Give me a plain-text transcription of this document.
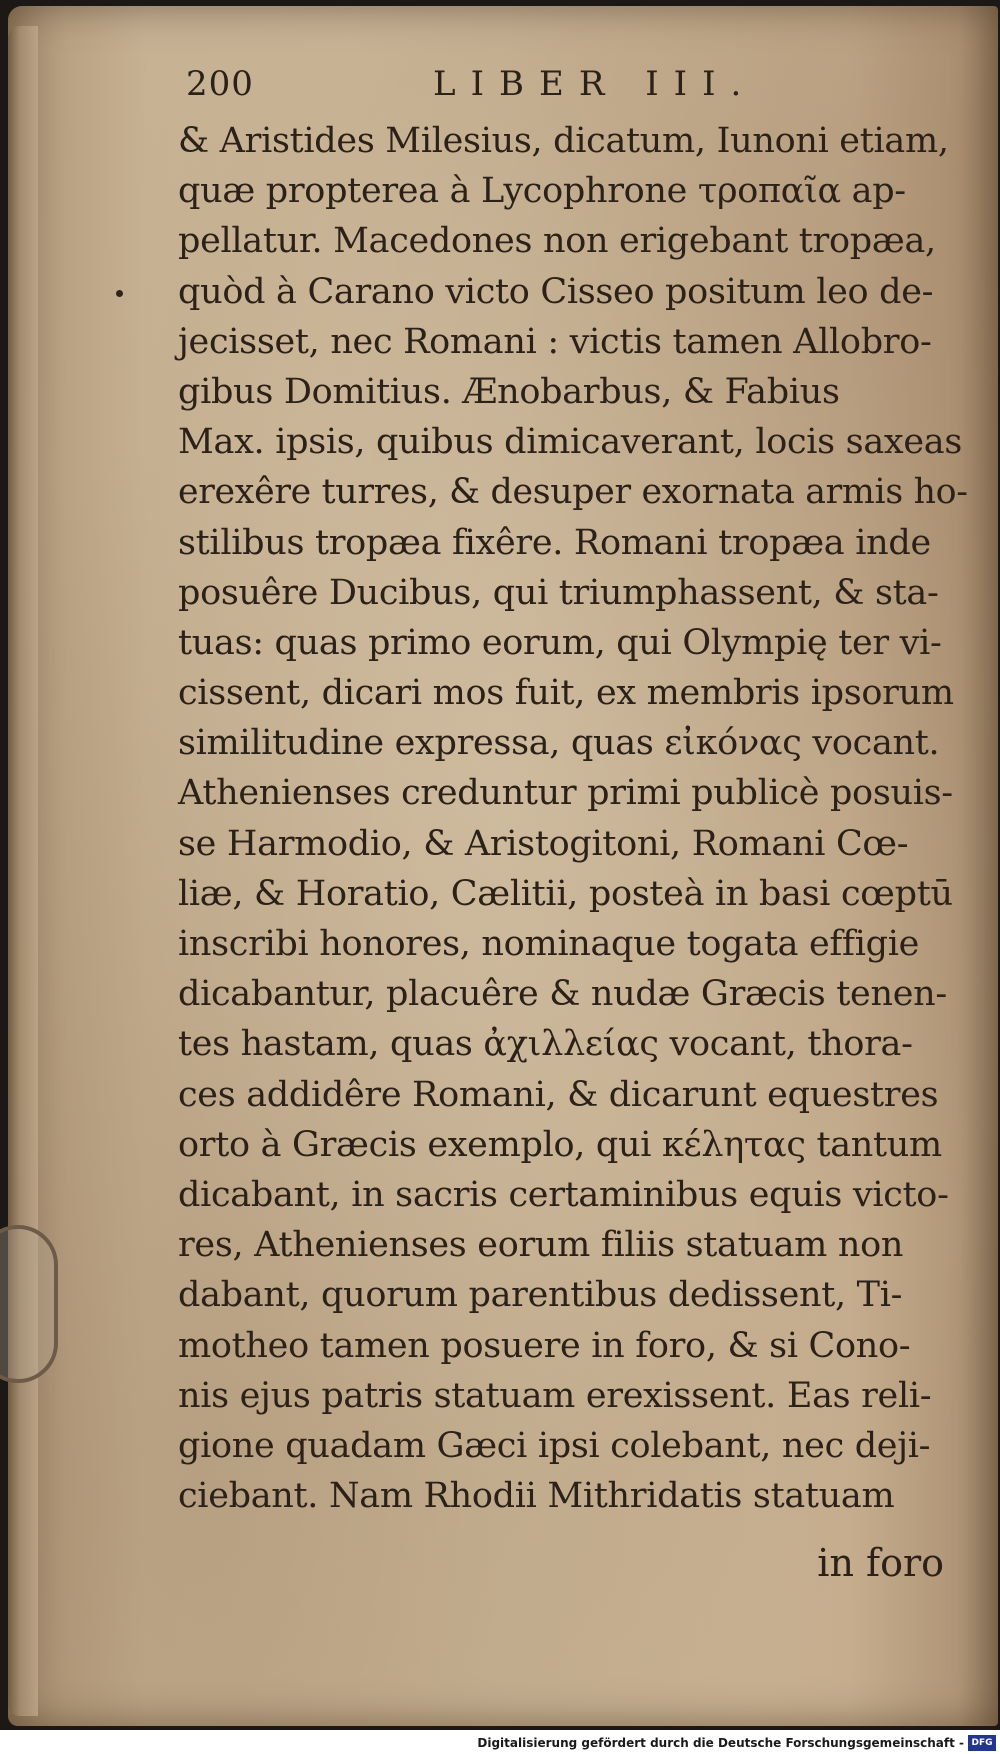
200	LIBER III.
& Aristides Milesius, dicatum, Iunoni etiam,
quæ propterea à Lycophrone τροπαῖα ap-
pellatur. Macedones non erigebant tropæa,
quòd à Carano victo Cisseo positum leo de-
jecisset, nec Romani : victis tamen Allobro-
gibus Domitius. Ænobarbus, & Fabius
Max. ipsis, quibus dimicaverant, locis saxeas
erexêre turres, & desuper exornata armis ho-
stilibus tropæa fixêre. Romani tropæa inde
posuêre Ducibus, qui triumphassent, & sta-
tuas: quas primo eorum, qui Olympię ter vi-
cissent, dicari mos fuit, ex membris ipsorum
similitudine expressa, quas εἰκόνας vocant.
Athenienses creduntur primi publicè posuis-
se Harmodio, & Aristogitoni, Romani Cœ-
liæ, & Horatio, Cælitii, posteà in basi cœptū
inscribi honores, nominaque togata effigie
dicabantur, placuêre & nudæ Græcis tenen-
tes hastam, quas ἀχιλλείας vocant, thora-
ces addidêre Romani, & dicarunt equestres
orto à Græcis exemplo, qui κέλητας tantum
dicabant, in sacris certaminibus equis victo-
res, Athenienses eorum filiis statuam non
dabant, quorum parentibus dedissent, Ti-
motheo tamen posuere in foro, & si Cono-
nis ejus patris statuam erexissent. Eas reli-
gione quadam Gæci ipsi colebant, nec deji-
ciebant. Nam Rhodii Mithridatis statuam
in foro
Digitalisierung gefördert durch die Deutsche Forschungsgemeinschaft - DFG
